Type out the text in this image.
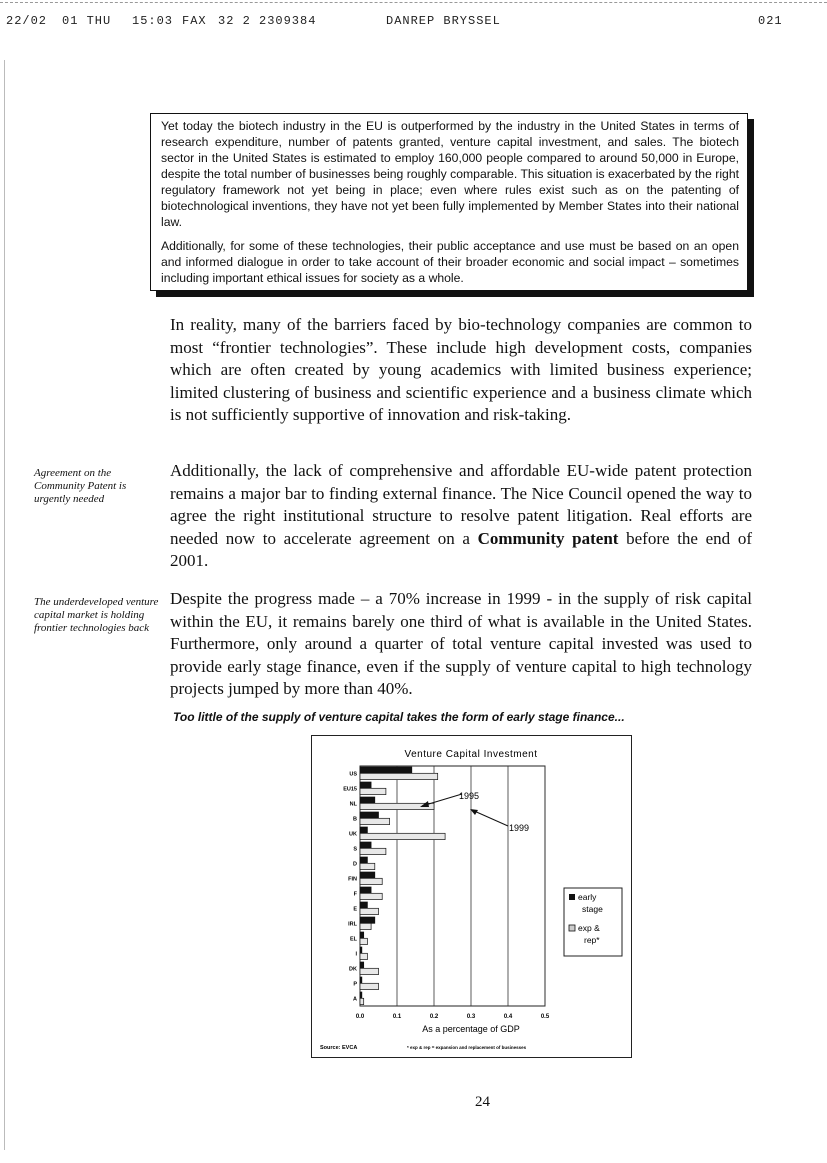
22/02 01 THU 15:03 FAX 32 2 2309384	DANREP BRYSSEL	021

Yet today the biotech industry in the EU is outperformed by the industry in the United States in terms of research expenditure, number of patents granted, venture capital investment, and sales. The biotech sector in the United States is estimated to employ 160,000 people compared to around 50,000 in Europe, despite the total number of businesses being roughly comparable. This situation is exacerbated by the right regulatory framework not yet being in place; even where rules exist such as on the patenting of biotechnological inventions, they have not yet been fully implemented by Member States into their national law.

Additionally, for some of these technologies, their public acceptance and use must be based on an open and informed dialogue in order to take account of their broader economic and social impact – sometimes including important ethical issues for society as a whole.

In reality, many of the barriers faced by bio-technology companies are common to most “frontier technologies”. These include high development costs, companies which are often created by young academics with limited business experience; limited clustering of business and scientific experience and a business climate which is not sufficiently supportive of innovation and risk-taking.
Agreement on the Community Patent is urgently needed
Additionally, the lack of comprehensive and affordable EU-wide patent protection remains a major bar to finding external finance. The Nice Council opened the way to agree the right institutional structure to resolve patent litigation. Real efforts are needed now to accelerate agreement on a Community patent before the end of 2001.
The underdeveloped venture capital market is holding frontier technologies back
Despite the progress made – a 70% increase in 1999 - in the supply of risk capital within the EU, it remains barely one third of what is available in the United States. Furthermore, only around a quarter of total venture capital invested was used to provide early stage finance, even if the supply of venture capital to high technology projects jumped by more than 40%.
Too little of the supply of venture capital takes the form of early stage finance...
Venture Capital Investment
0.0	0.1	0.2	0.3	0.4	0.5
US
EU15
NL
B
UK
S
D
FIN
F
E
IRL
EL
I
DK
P
A
1995
1999
early
stage
exp &
rep*
As a percentage of GDP
Source: EVCA	* exp & rep = expansion and replacement of businesses
24
